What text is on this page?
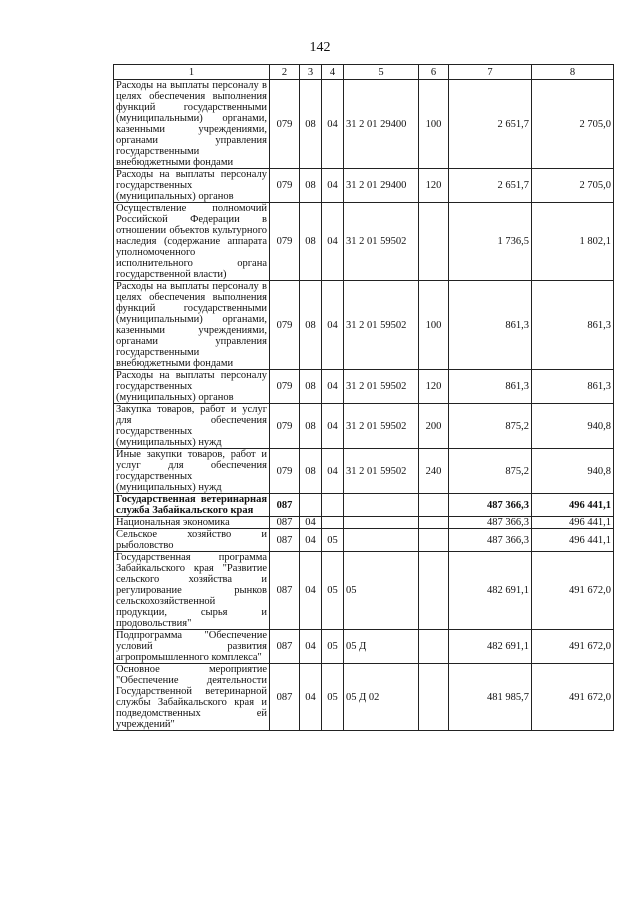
142
1	2	3	4	5	6	7	8
Расходы на выплаты персоналу в целях обеспечения выполнения функций государственными (муниципальными) органами, казенными учреждениями, органами управления государственными внебюджетными фондами	079	08	04	31 2 01 29400	100	2 651,7	2 705,0
Расходы на выплаты персоналу государственных (муниципальных) органов	079	08	04	31 2 01 29400	120	2 651,7	2 705,0
Осуществление полномочий Российской Федерации в отношении объектов культурного наследия (содержание аппарата уполномоченного исполнительного органа государственной власти)	079	08	04	31 2 01 59502		1 736,5	1 802,1
Расходы на выплаты персоналу в целях обеспечения выполнения функций государственными (муниципальными) органами, казенными учреждениями, органами управления государственными внебюджетными фондами	079	08	04	31 2 01 59502	100	861,3	861,3
Расходы на выплаты персоналу государственных (муниципальных) органов	079	08	04	31 2 01 59502	120	861,3	861,3
Закупка товаров, работ и услуг для обеспечения государственных (муниципальных) нужд	079	08	04	31 2 01 59502	200	875,2	940,8
Иные закупки товаров, работ и услуг для обеспечения государственных (муниципальных) нужд	079	08	04	31 2 01 59502	240	875,2	940,8
Государственная ветеринарная служба Забайкальского края	087					487 366,3	496 441,1
Национальная экономика	087	04				487 366,3	496 441,1
Сельское хозяйство и рыболовство	087	04	05			487 366,3	496 441,1
Государственная программа Забайкальского края "Развитие сельского хозяйства и регулирование рынков сельскохозяйственной продукции, сырья и продовольствия"	087	04	05	05		482 691,1	491 672,0
Подпрограмма "Обеспечение условий развития агропромышленного комплекса"	087	04	05	05 Д		482 691,1	491 672,0
Основное мероприятие "Обеспечение деятельности Государственной ветеринарной службы Забайкальского края и подведомственных ей учреждений"	087	04	05	05 Д 02		481 985,7	491 672,0
